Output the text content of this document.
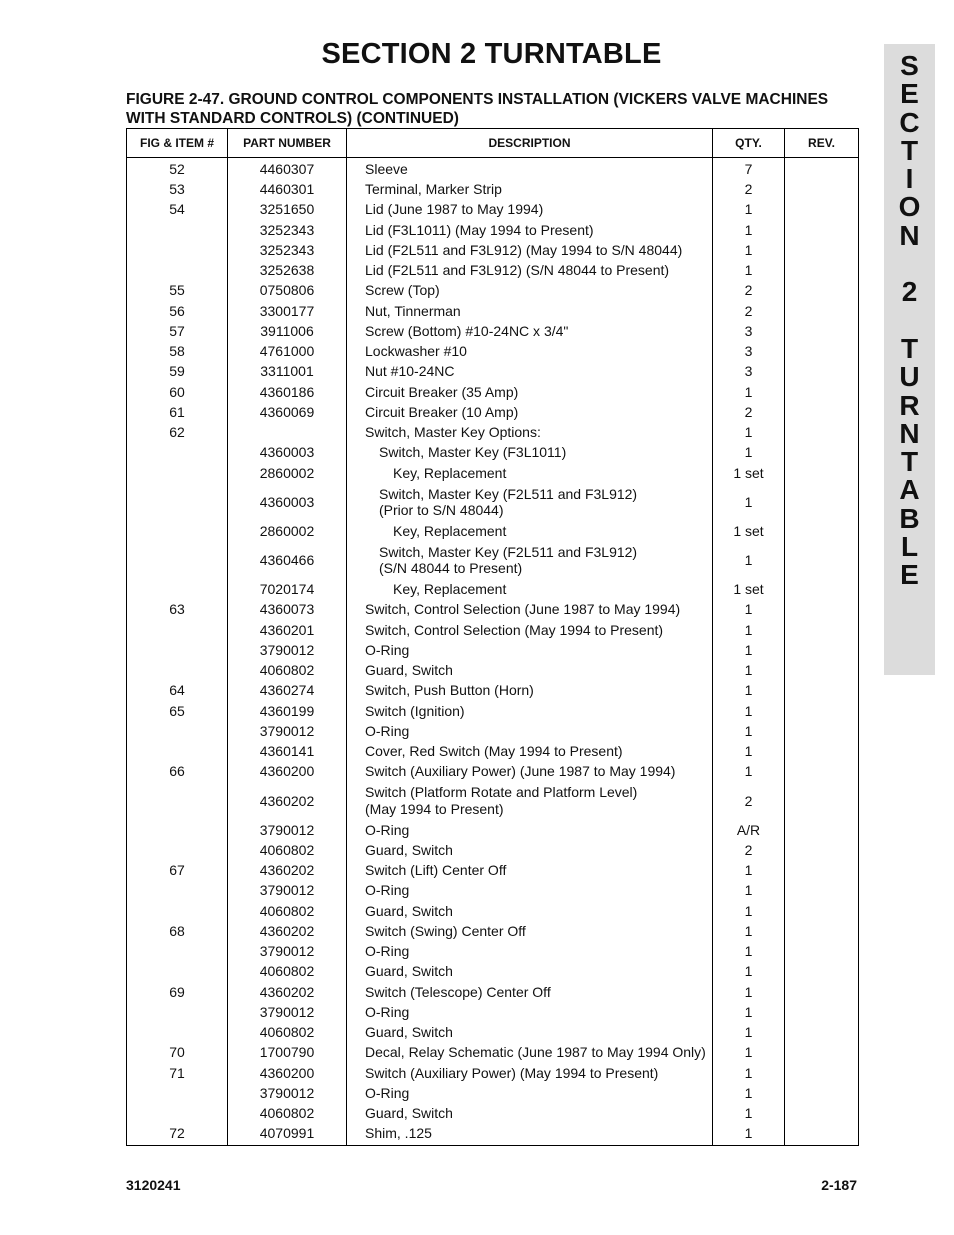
SECTION 2 TURNTABLE
FIGURE 2-47. GROUND CONTROL COMPONENTS INSTALLATION (VICKERS VALVE MACHINES
WITH STANDARD CONTROLS) (CONTINUED)
S
E
C
T
I
O
N

2

T
U
R
N
T
A
B
L
E
FIG & ITEM #	PART NUMBER	DESCRIPTION	QTY.	REV.
52	4460307	Sleeve	7	
53	4460301	Terminal, Marker Strip	2	
54	3251650	Lid (June 1987 to May 1994)	1	
	3252343	Lid (F3L1011) (May 1994 to Present)	1	
	3252343	Lid (F2L511 and F3L912) (May 1994 to S/N 48044)	1	
	3252638	Lid (F2L511 and F3L912) (S/N 48044 to Present)	1	
55	0750806	Screw (Top)	2	
56	3300177	Nut, Tinnerman	2	
57	3911006	Screw (Bottom) #10-24NC x 3/4"	3	
58	4761000	Lockwasher #10	3	
59	3311001	Nut #10-24NC	3	
60	4360186	Circuit Breaker (35 Amp)	1	
61	4360069	Circuit Breaker (10 Amp)	2	
62		Switch, Master Key Options:	1	
	4360003	Switch, Master Key (F3L1011)	1	
	2860002	Key, Replacement	1 set	
	4360003	Switch, Master Key (F2L511 and F3L912)
(Prior to S/N 48044)	1	
	2860002	Key, Replacement	1 set	
	4360466	Switch, Master Key (F2L511 and F3L912)
(S/N 48044 to Present)	1	
	7020174	Key, Replacement	1 set	
63	4360073	Switch, Control Selection (June 1987 to May 1994)	1	
	4360201	Switch, Control Selection (May 1994 to Present)	1	
	3790012	O-Ring	1	
	4060802	Guard, Switch	1	
64	4360274	Switch, Push Button (Horn)	1	
65	4360199	Switch (Ignition)	1	
	3790012	O-Ring	1	
	4360141	Cover, Red Switch (May 1994 to Present)	1	
66	4360200	Switch (Auxiliary Power) (June 1987 to May 1994)	1	
	4360202	Switch (Platform Rotate and Platform Level)
(May 1994 to Present)	2	
	3790012	O-Ring	A/R	
	4060802	Guard, Switch	2	
67	4360202	Switch (Lift) Center Off	1	
	3790012	O-Ring	1	
	4060802	Guard, Switch	1	
68	4360202	Switch (Swing) Center Off	1	
	3790012	O-Ring	1	
	4060802	Guard, Switch	1	
69	4360202	Switch (Telescope) Center Off	1	
	3790012	O-Ring	1	
	4060802	Guard, Switch	1	
70	1700790	Decal, Relay Schematic (June 1987 to May 1994 Only)	1	
71	4360200	Switch (Auxiliary Power) (May 1994 to Present)	1	
	3790012	O-Ring	1	
	4060802	Guard, Switch	1	
72	4070991	Shim, .125	1	
3120241	2-187
